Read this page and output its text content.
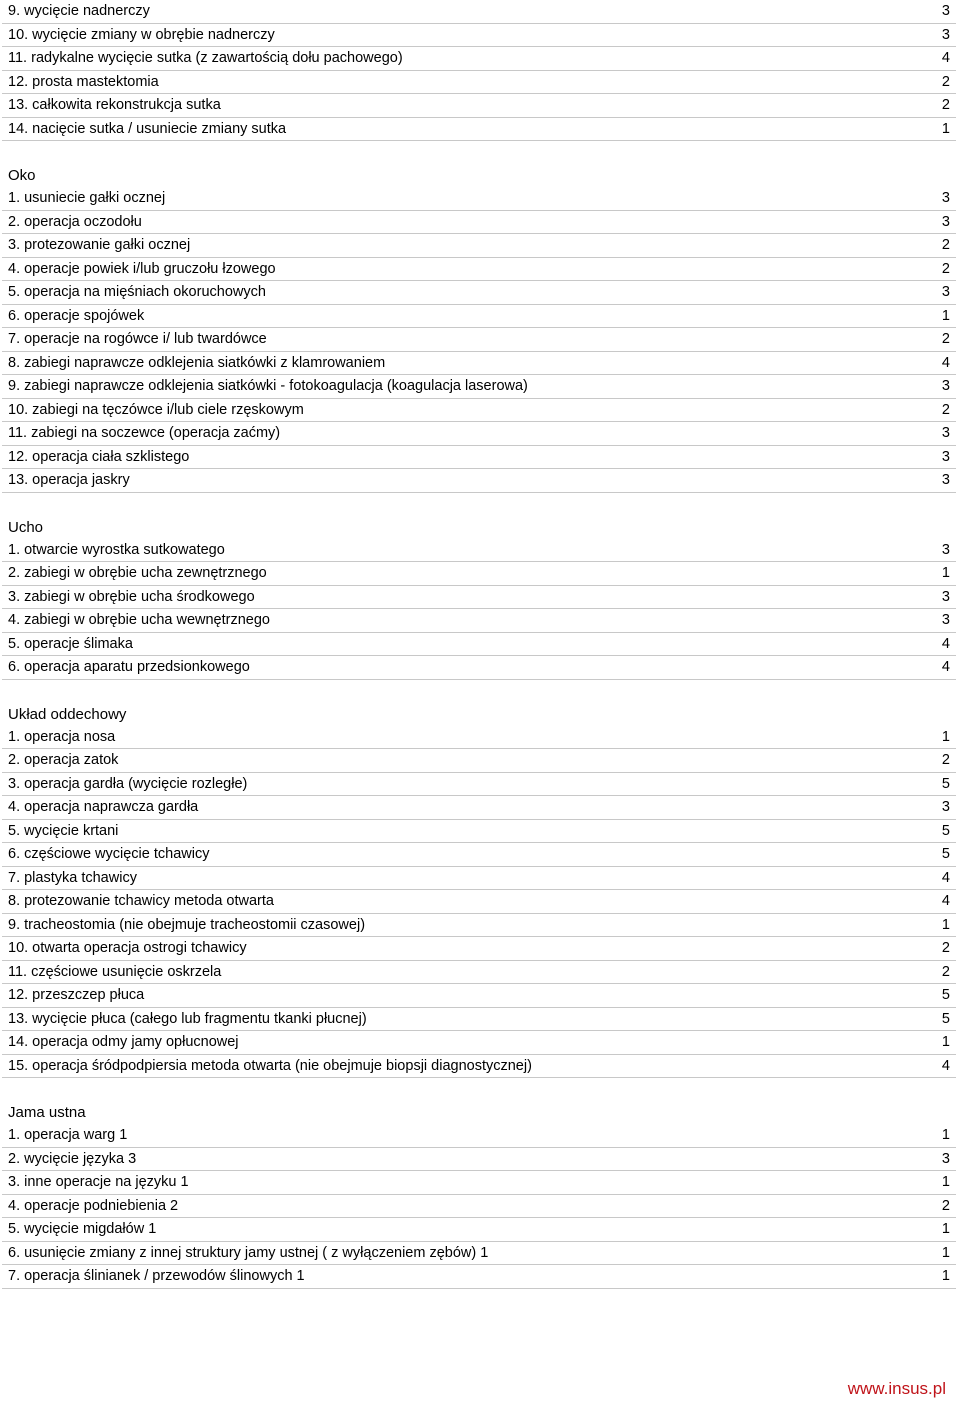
9. wycięcie nadnerczy	3
10. wycięcie zmiany w obrębie nadnerczy	3
11. radykalne wycięcie sutka (z zawartością dołu pachowego)	4
12. prosta mastektomia	2
13. całkowita rekonstrukcja sutka	2
14. nacięcie sutka / usuniecie zmiany sutka	1
Oko
1. usuniecie gałki ocznej	3
2. operacja oczodołu	3
3. protezowanie gałki ocznej	2
4. operacje powiek i/lub gruczołu łzowego	2
5. operacja na mięśniach okoruchowych	3
6. operacje spojówek	1
7. operacje na rogówce i/ lub twardówce	2
8. zabiegi naprawcze odklejenia siatkówki z klamrowaniem	4
9. zabiegi naprawcze odklejenia siatkówki - fotokoagulacja (koagulacja laserowa)	3
10. zabiegi na tęczówce i/lub ciele rzęskowym	2
11. zabiegi na soczewce (operacja zaćmy)	3
12. operacja ciała szklistego	3
13. operacja jaskry	3
Ucho
1. otwarcie wyrostka sutkowatego	3
2. zabiegi w obrębie ucha zewnętrznego	1
3. zabiegi w obrębie ucha środkowego	3
4. zabiegi w obrębie ucha wewnętrznego	3
5. operacje ślimaka	4
6. operacja aparatu przedsionkowego	4
Układ oddechowy
1. operacja nosa	1
2. operacja zatok	2
3. operacja gardła (wycięcie rozległe)	5
4. operacja naprawcza gardła	3
5. wycięcie krtani	5
6. częściowe wycięcie tchawicy	5
7. plastyka tchawicy	4
8. protezowanie tchawicy metoda otwarta	4
9. tracheostomia (nie obejmuje tracheostomii czasowej)	1
10. otwarta operacja ostrogi tchawicy	2
11. częściowe usunięcie oskrzela	2
12. przeszczep płuca	5
13. wycięcie płuca (całego lub fragmentu tkanki płucnej)	5
14. operacja odmy jamy opłucnowej	1
15. operacja śródpodpiersia metoda otwarta (nie obejmuje biopsji diagnostycznej)	4
Jama ustna
1. operacja warg 1	1
2. wycięcie języka 3	3
3. inne operacje na języku 1	1
4. operacje podniebienia 2	2
5. wycięcie migdałów 1	1
6. usunięcie zmiany z innej struktury jamy ustnej ( z wyłączeniem zębów) 1	1
7. operacja ślinianek / przewodów ślinowych 1	1
www.insus.pl
